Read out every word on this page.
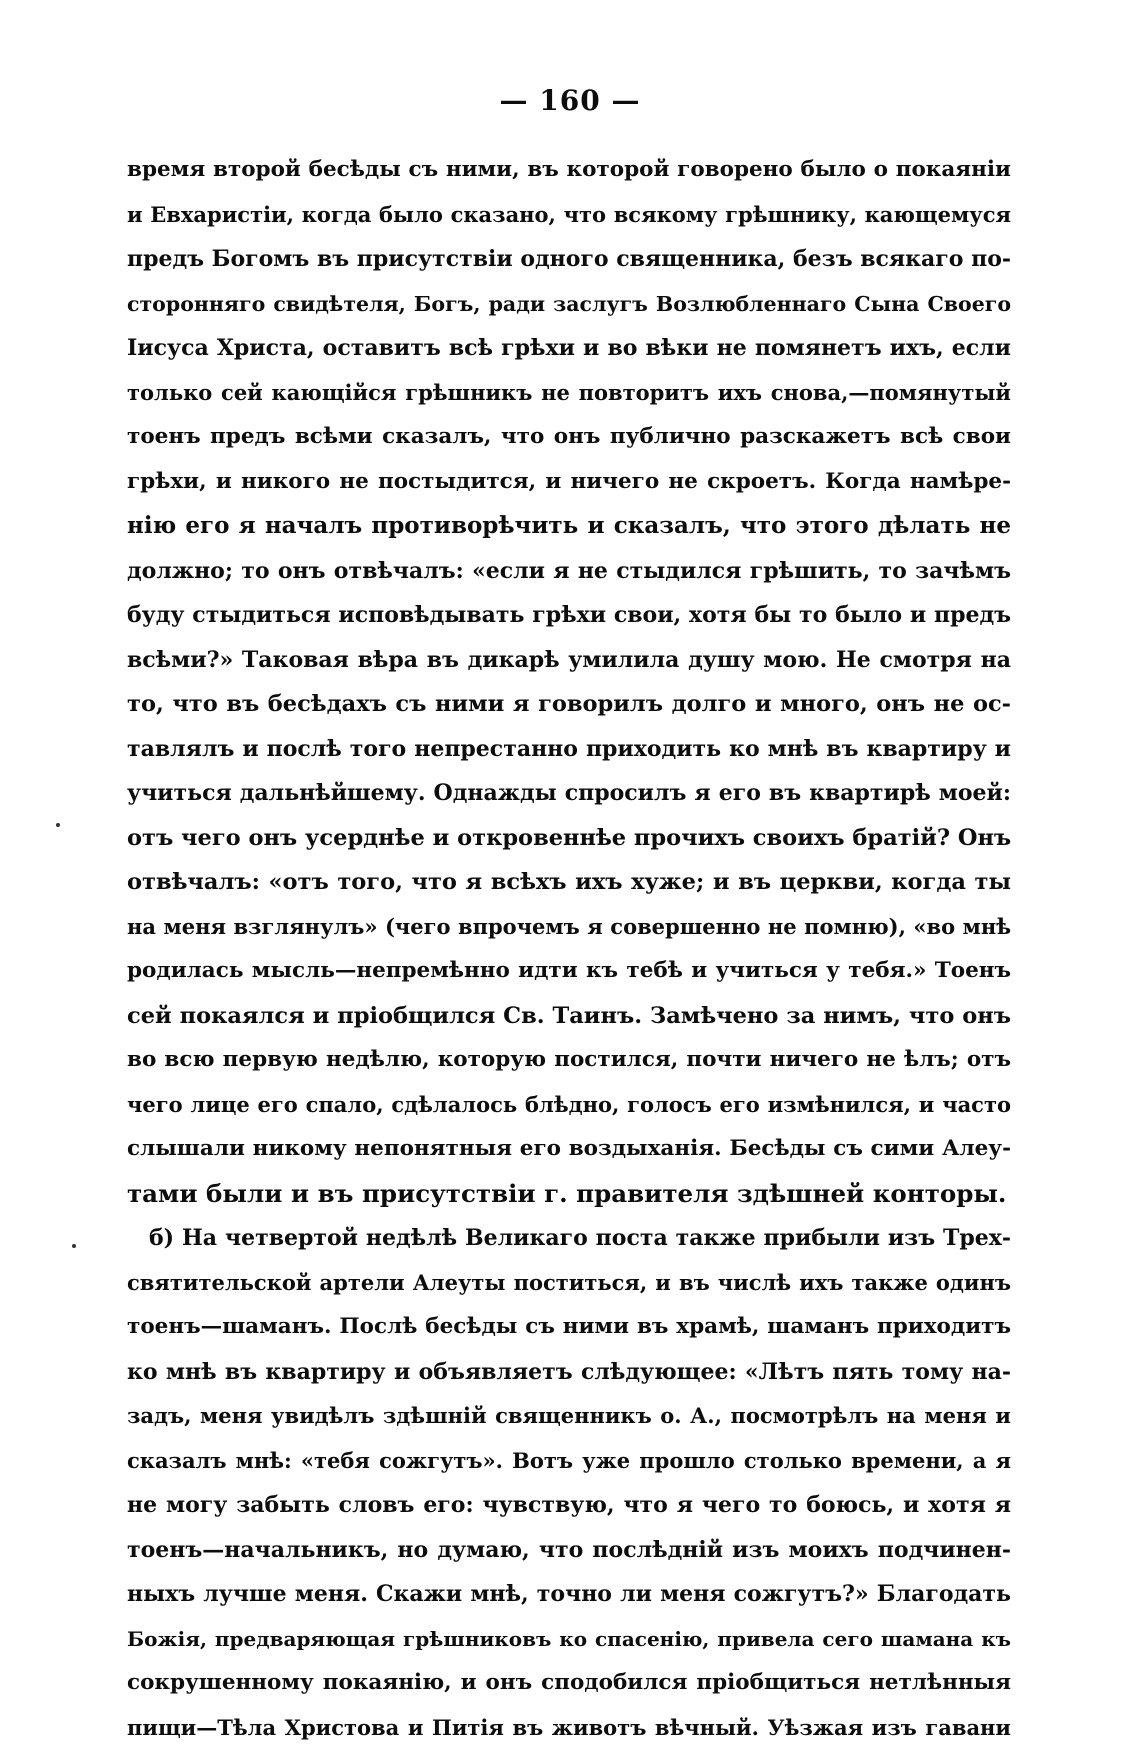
— 160 —
время второй бесѣды съ ними, въ которой говорено было о покаяніи
и Евхаристіи, когда было сказано, что всякому грѣшнику, кающемуся
предъ Богомъ въ присутствіи одного священника, безъ всякаго по-
сторонняго свидѣтеля, Богъ, ради заслугъ Возлюбленнаго Сына Своего
Іисуса Христа, оставитъ всѣ грѣхи и во вѣки не помянетъ ихъ, если
только сей кающійся грѣшникъ не повторитъ ихъ снова,—помянутый
тоенъ предъ всѣми сказалъ, что онъ публично разскажетъ всѣ свои
грѣхи, и никого не постыдится, и ничего не скроетъ. Когда намѣре-
нію его я началъ противорѣчить и сказалъ, что этого дѣлать не
должно; то онъ отвѣчалъ: «если я не стыдился грѣшить, то зачѣмъ
буду стыдиться исповѣдывать грѣхи свои, хотя бы то было и предъ
всѣми?» Таковая вѣра въ дикарѣ умилила душу мою. Не смотря на
то, что въ бесѣдахъ съ ними я говорилъ долго и много, онъ не ос-
тавлялъ и послѣ того непрестанно приходить ко мнѣ въ квартиру и
учиться дальнѣйшему. Однажды спросилъ я его въ квартирѣ моей:
отъ чего онъ усерднѣе и откровеннѣе прочихъ своихъ братій? Онъ
отвѣчалъ: «отъ того, что я всѣхъ ихъ хуже; и въ церкви, когда ты
на меня взглянулъ» (чего впрочемъ я совершенно не помню), «во мнѣ
родилась мысль—непремѣнно идти къ тебѣ и учиться у тебя.» Тоенъ
сей покаялся и пріобщился Св. Таинъ. Замѣчено за нимъ, что онъ
во всю первую недѣлю, которую постился, почти ничего не ѣлъ; отъ
чего лице его спало, сдѣлалось блѣдно, голосъ его измѣнился, и часто
слышали никому непонятныя его воздыханія. Бесѣды съ сими Алеу-
тами были и въ присутствіи г. правителя здѣшней конторы.
б) На четвертой недѣлѣ Великаго поста также прибыли изъ Трех-
святительской артели Алеуты поститься, и въ числѣ ихъ также одинъ
тоенъ—шаманъ. Послѣ бесѣды съ ними въ храмѣ, шаманъ приходитъ
ко мнѣ въ квартиру и объявляетъ слѣдующее: «Лѣтъ пять тому на-
задъ, меня увидѣлъ здѣшній священникъ о. А., посмотрѣлъ на меня и
сказалъ мнѣ: «тебя сожгутъ». Вотъ уже прошло столько времени, а я
не могу забыть словъ его: чувствую, что я чего то боюсь, и хотя я
тоенъ—начальникъ, но думаю, что послѣдній изъ моихъ подчинен-
ныхъ лучше меня. Скажи мнѣ, точно ли меня сожгутъ?» Благодать
Божія, предваряющая грѣшниковъ ко спасенію, привела сего шамана къ
сокрушенному покаянію, и онъ сподобился пріобщиться нетлѣнныя
пищи—Тѣла Христова и Питія въ животъ вѣчный. Уѣзжая изъ гавани
